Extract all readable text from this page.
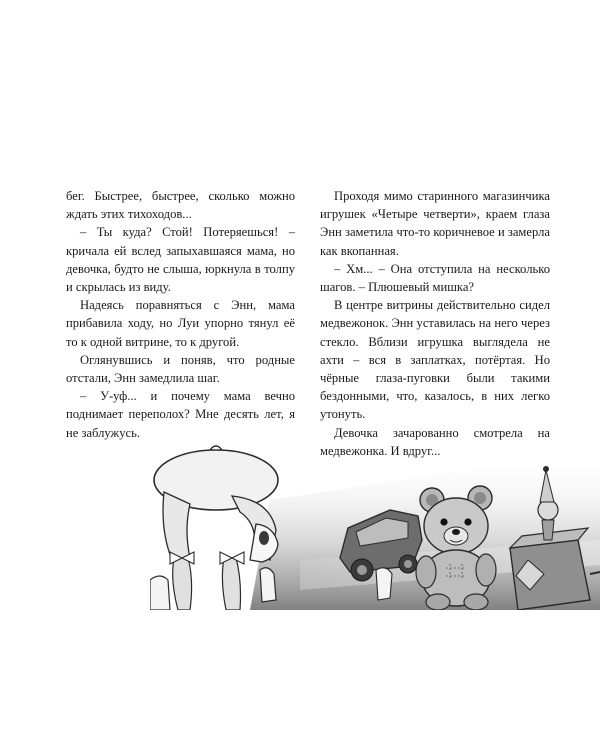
бег. Быстрее, быстрее, сколько можно ждать этих тихоходов...

– Ты куда? Стой! Потеряешься! – кричала ей вслед запыхавшаяся мама, но девочка, будто не слыша, юркнула в толпу и скрылась из виду.

Надеясь поравняться с Энн, мама прибавила ходу, но Луи упорно тянул её то к одной витрине, то к другой.

Оглянувшись и поняв, что родные отстали, Энн замедлила шаг.

– У-уф... и почему мама вечно поднимает переполох? Мне десять лет, я не заблужусь.

Проходя мимо старинного магазинчика игрушек «Четыре четверти», краем глаза Энн заметила что-то коричневое и замерла как вкопанная.

– Хм... – Она отступила на несколько шагов. – Плюшевый мишка?

В центре витрины действительно сидел медвежонок. Энн уставилась на него через стекло. Вблизи игрушка выглядела не ахти – вся в заплатках, потёртая. Но чёрные глаза-пуговки были такими бездонными, что, казалось, в них легко утонуть.

Девочка зачарованно смотрела на медвежонка. И вдруг...
